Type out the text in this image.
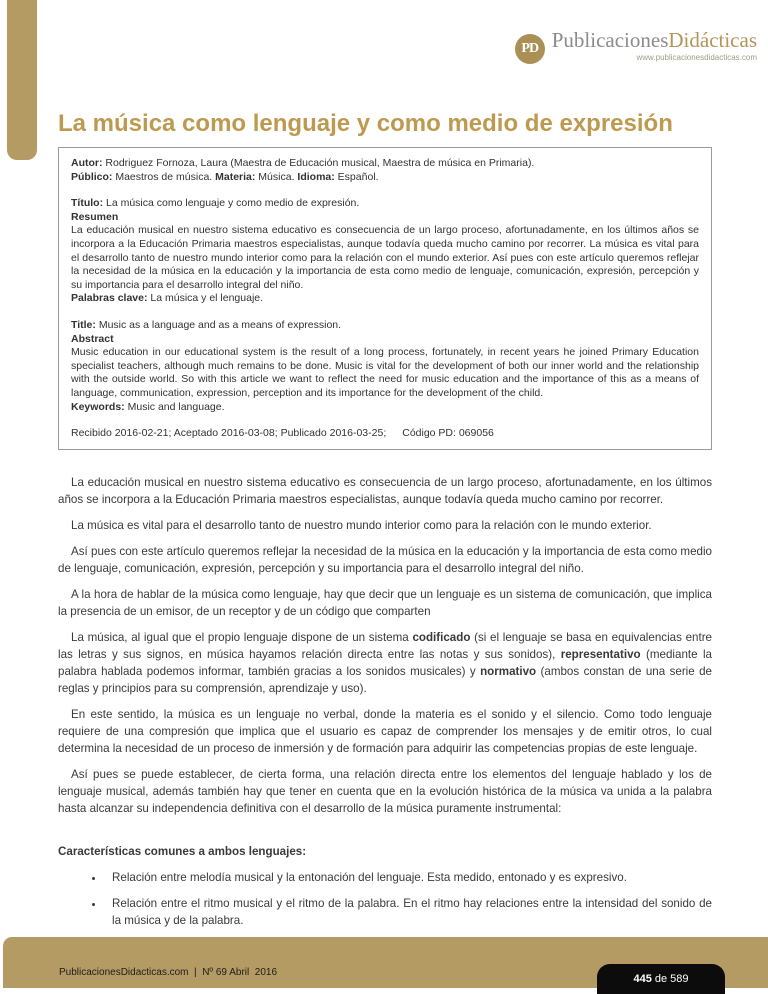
PD PublicacionesDidácticas
www.publicacionesdidacticas.com
La música como lenguaje y como medio de expresión

Autor: Rodriguez Fornoza, Laura (Maestra de Educación musical, Maestra de música en Primaria).

Público: Maestros de música. Materia: Música. Idioma: Español.

Título: La música como lenguaje y como medio de expresión.

Resumen

La educación musical en nuestro sistema educativo es consecuencia de un largo proceso, afortunadamente, en los últimos años se incorpora a la Educación Primaria maestros especialistas, aunque todavía queda mucho camino por recorrer. La música es vital para el desarrollo tanto de nuestro mundo interior como para la relación con el mundo exterior. Así pues con este artículo queremos reflejar la necesidad de la música en la educación y la importancia de esta como medio de lenguaje, comunicación, expresión, percepción y su importancia para el desarrollo integral del niño.

Palabras clave: La música y el lenguaje.

Title: Music as a language and as a means of expression.

Abstract

Music education in our educational system is the result of a long process, fortunately, in recent years he joined Primary Education specialist teachers, although much remains to be done. Music is vital for the development of both our inner world and the relationship with the outside world. So with this article we want to reflect the need for music education and the importance of this as a means of language, communication, expression, perception and its importance for the development of the child.

Keywords: Music and language.

Recibido 2016-02-21; Aceptado 2016-03-08; Publicado 2016-03-25; Código PD: 069056

La educación musical en nuestro sistema educativo es consecuencia de un largo proceso, afortunadamente, en los últimos años se incorpora a la Educación Primaria maestros especialistas, aunque todavía queda mucho camino por recorrer.

La música es vital para el desarrollo tanto de nuestro mundo interior como para la relación con le mundo exterior.

Así pues con este artículo queremos reflejar la necesidad de la música en la educación y la importancia de esta como medio de lenguaje, comunicación, expresión, percepción y su importancia para el desarrollo integral del niño.

A la hora de hablar de la música como lenguaje, hay que decir que un lenguaje es un sistema de comunicación, que implica la presencia de un emisor, de un receptor y de un código que comparten

La música, al igual que el propio lenguaje dispone de un sistema codificado (si el lenguaje se basa en equivalencias entre las letras y sus signos, en música hayamos relación directa entre las notas y sus sonidos), representativo (mediante la palabra hablada podemos informar, también gracias a los sonidos musicales) y normativo (ambos constan de una serie de reglas y principios para su comprensión, aprendizaje y uso).

En este sentido, la música es un lenguaje no verbal, donde la materia es el sonido y el silencio. Como todo lenguaje requiere de una compresión que implica que el usuario es capaz de comprender los mensajes y de emitir otros, lo cual determina la necesidad de un proceso de inmersión y de formación para adquirir las competencias propias de este lenguaje.

Así pues se puede establecer, de cierta forma, una relación directa entre los elementos del lenguaje hablado y los de lenguaje musical, además también hay que tener en cuenta que en la evolución histórica de la música va unida a la palabra hasta alcanzar su independencia definitiva con el desarrollo de la música puramente instrumental:

Características comunes a ambos lenguajes:
• Relación entre melodía musical y la entonación del lenguaje. Esta medido, entonado y es expresivo.
• Relación entre el ritmo musical y el ritmo de la palabra. En el ritmo hay relaciones entre la intensidad del sonido de la música y de la palabra.
PublicacionesDidacticas.com  |  Nº 69 Abril  2016
445 de 589
